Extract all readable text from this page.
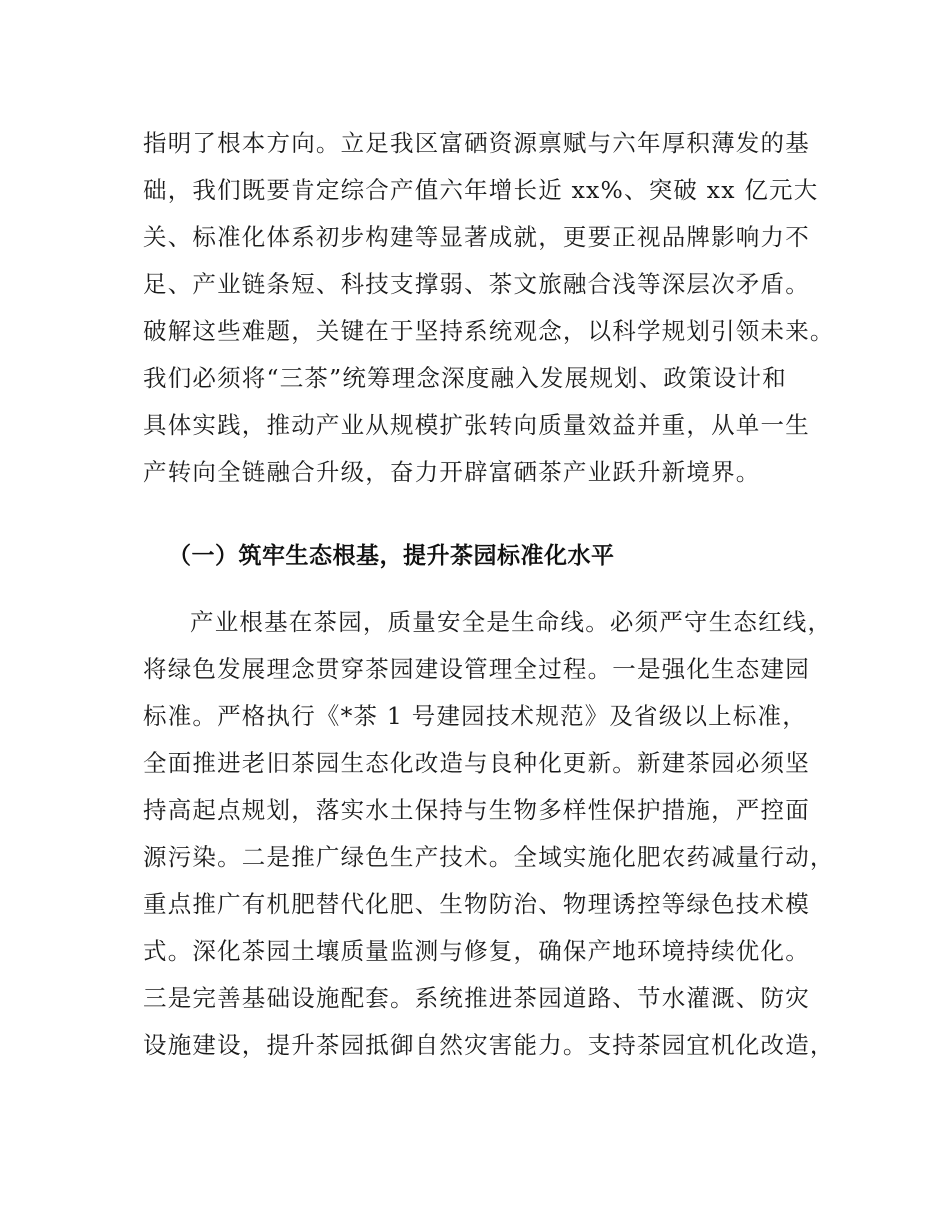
指明了根本方向。立足我区富硒资源禀赋与六年厚积薄发的基
础，我们既要肯定综合产值六年增长近 xx%、突破 xx 亿元大
关、标准化体系初步构建等显著成就，更要正视品牌影响力不
足、产业链条短、科技支撑弱、茶文旅融合浅等深层次矛盾。
破解这些难题，关键在于坚持系统观念，以科学规划引领未来。
我们必须将“三茶”统筹理念深度融入发展规划、政策设计和
具体实践，推动产业从规模扩张转向质量效益并重，从单一生
产转向全链融合升级，奋力开辟富硒茶产业跃升新境界。
（一）筑牢生态根基，提升茶园标准化水平
产业根基在茶园，质量安全是生命线。必须严守生态红线，
将绿色发展理念贯穿茶园建设管理全过程。一是强化生态建园
标准。严格执行《*茶 1 号建园技术规范》及省级以上标准，
全面推进老旧茶园生态化改造与良种化更新。新建茶园必须坚
持高起点规划，落实水土保持与生物多样性保护措施，严控面
源污染。二是推广绿色生产技术。全域实施化肥农药减量行动，
重点推广有机肥替代化肥、生物防治、物理诱控等绿色技术模
式。深化茶园土壤质量监测与修复，确保产地环境持续优化。
三是完善基础设施配套。系统推进茶园道路、节水灌溉、防灾
设施建设，提升茶园抵御自然灾害能力。支持茶园宜机化改造，
